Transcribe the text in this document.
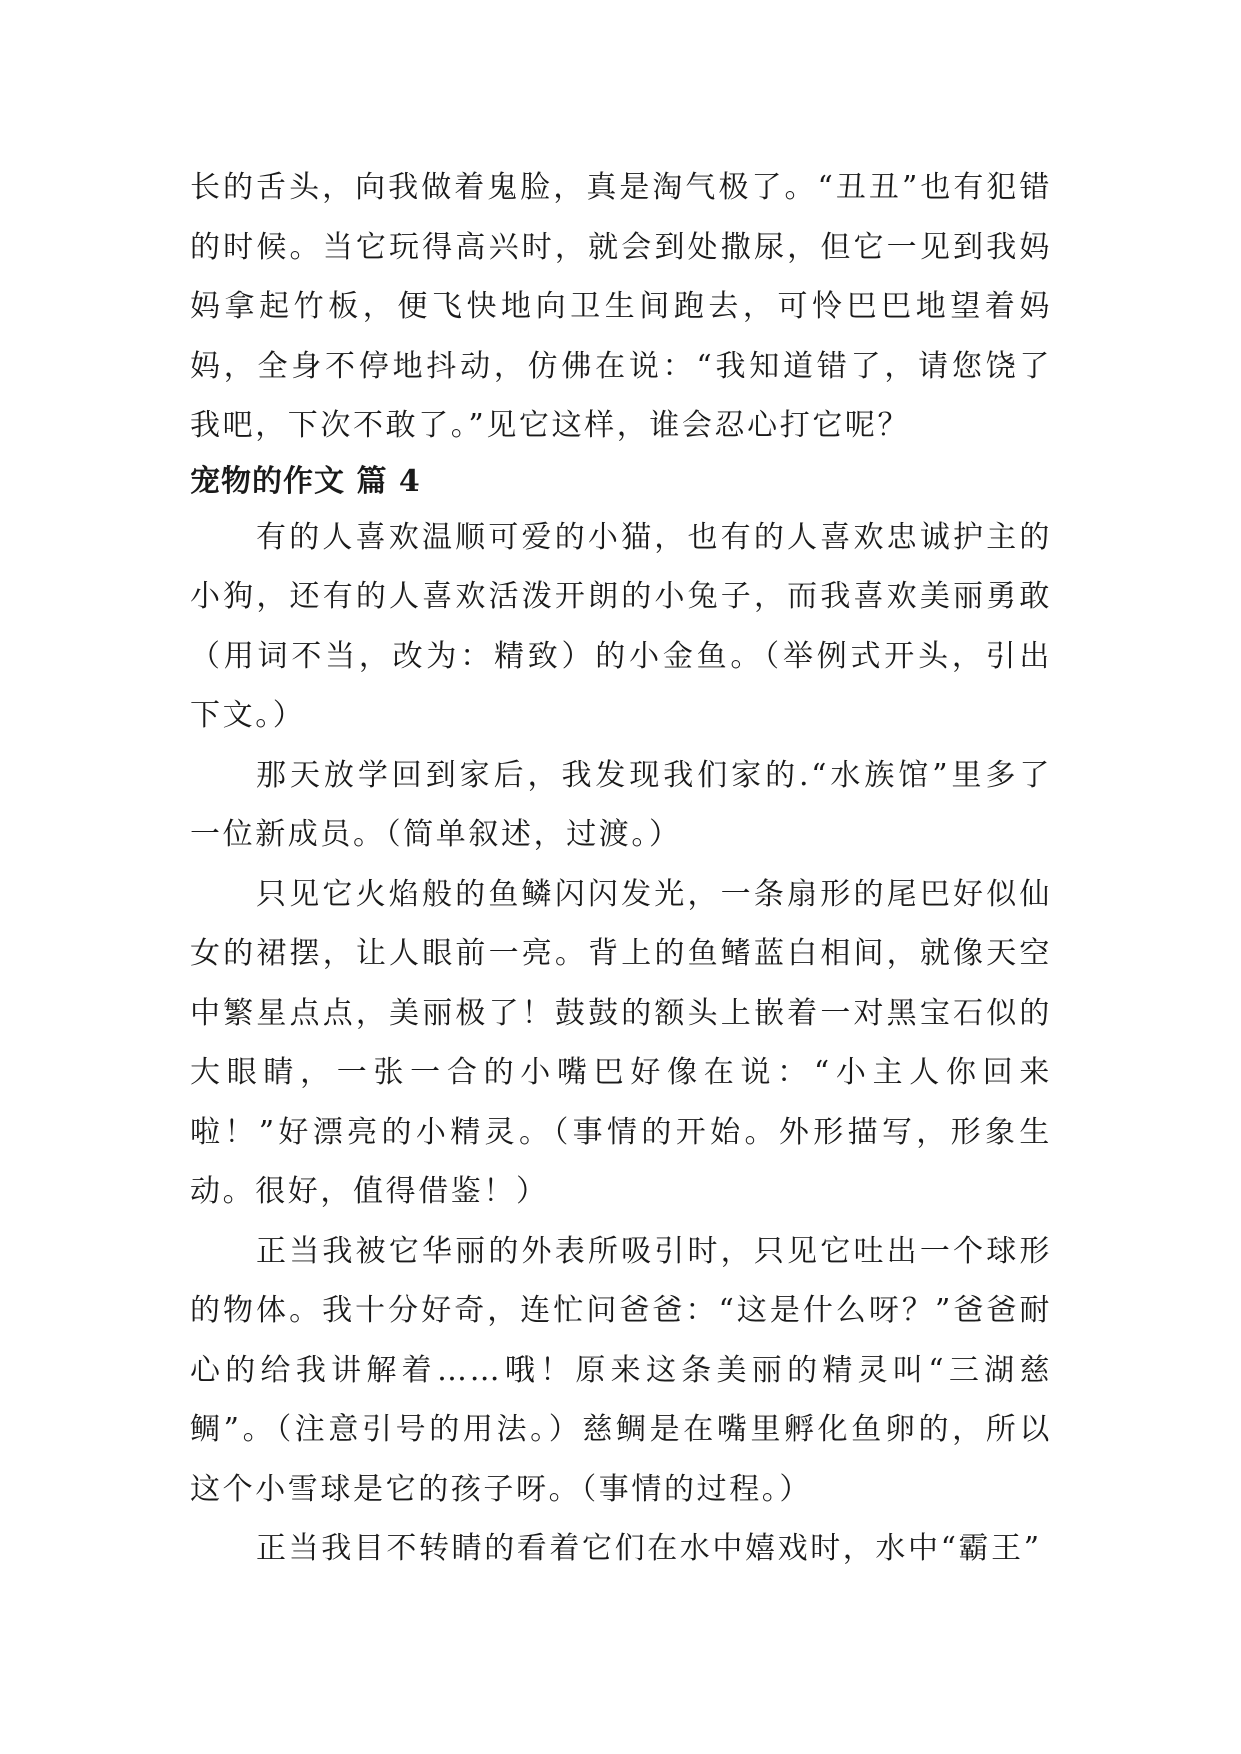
长的舌头，向我做着鬼脸，真是淘气极了。“丑丑”也有犯错的时候。当它玩得高兴时，就会到处撒尿，但它一见到我妈妈拿起竹板，便飞快地向卫生间跑去，可怜巴巴地望着妈妈，全身不停地抖动，仿佛在说：“我知道错了，请您饶了我吧，下次不敢了。”见它这样，谁会忍心打它呢？

宠物的作文 篇 4

有的人喜欢温顺可爱的小猫，也有的人喜欢忠诚护主的小狗，还有的人喜欢活泼开朗的小兔子，而我喜欢美丽勇敢（用词不当，改为：精致）的小金鱼。（举例式开头，引出下文。）

那天放学回到家后，我发现我们家的.“水族馆”里多了一位新成员。（简单叙述，过渡。）

只见它火焰般的鱼鳞闪闪发光，一条扇形的尾巴好似仙女的裙摆，让人眼前一亮。背上的鱼鳍蓝白相间，就像天空中繁星点点，美丽极了！鼓鼓的额头上嵌着一对黑宝石似的大眼睛，一张一合的小嘴巴好像在说：“小主人你回来啦！”好漂亮的小精灵。（事情的开始。外形描写，形象生动。很好，值得借鉴！）

正当我被它华丽的外表所吸引时，只见它吐出一个球形的物体。我十分好奇，连忙问爸爸：“这是什么呀？”爸爸耐心的给我讲解着……哦！原来这条美丽的精灵叫“三湖慈鲷”。（注意引号的用法。）慈鲷是在嘴里孵化鱼卵的，所以这个小雪球是它的孩子呀。（事情的过程。）

正当我目不转睛的看着它们在水中嬉戏时，水中“霸王”
